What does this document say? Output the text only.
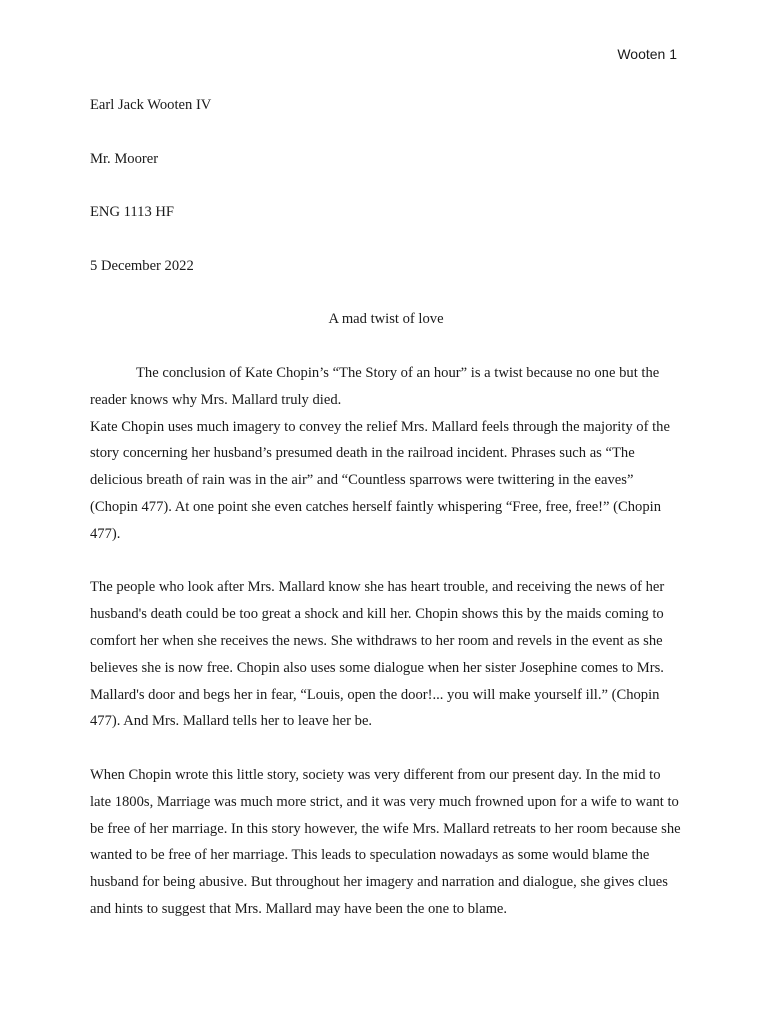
Wooten 1

Earl Jack Wooten IV

Mr. Moorer

ENG 1113 HF

5 December 2022

A mad twist of love

The conclusion of Kate Chopin’s “The Story of an hour” is a twist because no one but the reader knows why Mrs. Mallard truly died.

Kate Chopin uses much imagery to convey the relief Mrs. Mallard feels through the majority of the story concerning her husband’s presumed death in the railroad incident. Phrases such as “The delicious breath of rain was in the air” and “Countless sparrows were twittering in the eaves” (Chopin 477). At one point she even catches herself faintly whispering “Free, free, free!” (Chopin 477).

The people who look after Mrs. Mallard know she has heart trouble, and receiving the news of her husband's death could be too great a shock and kill her. Chopin shows this by the maids coming to comfort her when she receives the news. She withdraws to her room and revels in the event as she believes she is now free. Chopin also uses some dialogue when her sister Josephine comes to Mrs. Mallard's door and begs her in fear, “Louis, open the door!... you will make yourself ill.” (Chopin 477). And Mrs. Mallard tells her to leave her be.

When Chopin wrote this little story, society was very different from our present day. In the mid to late 1800s, Marriage was much more strict, and it was very much frowned upon for a wife to want to be free of her marriage. In this story however, the wife Mrs. Mallard retreats to her room because she wanted to be free of her marriage. This leads to speculation nowadays as some would blame the husband for being abusive. But throughout her imagery and narration and dialogue, she gives clues and hints to suggest that Mrs. Mallard may have been the one to blame.
